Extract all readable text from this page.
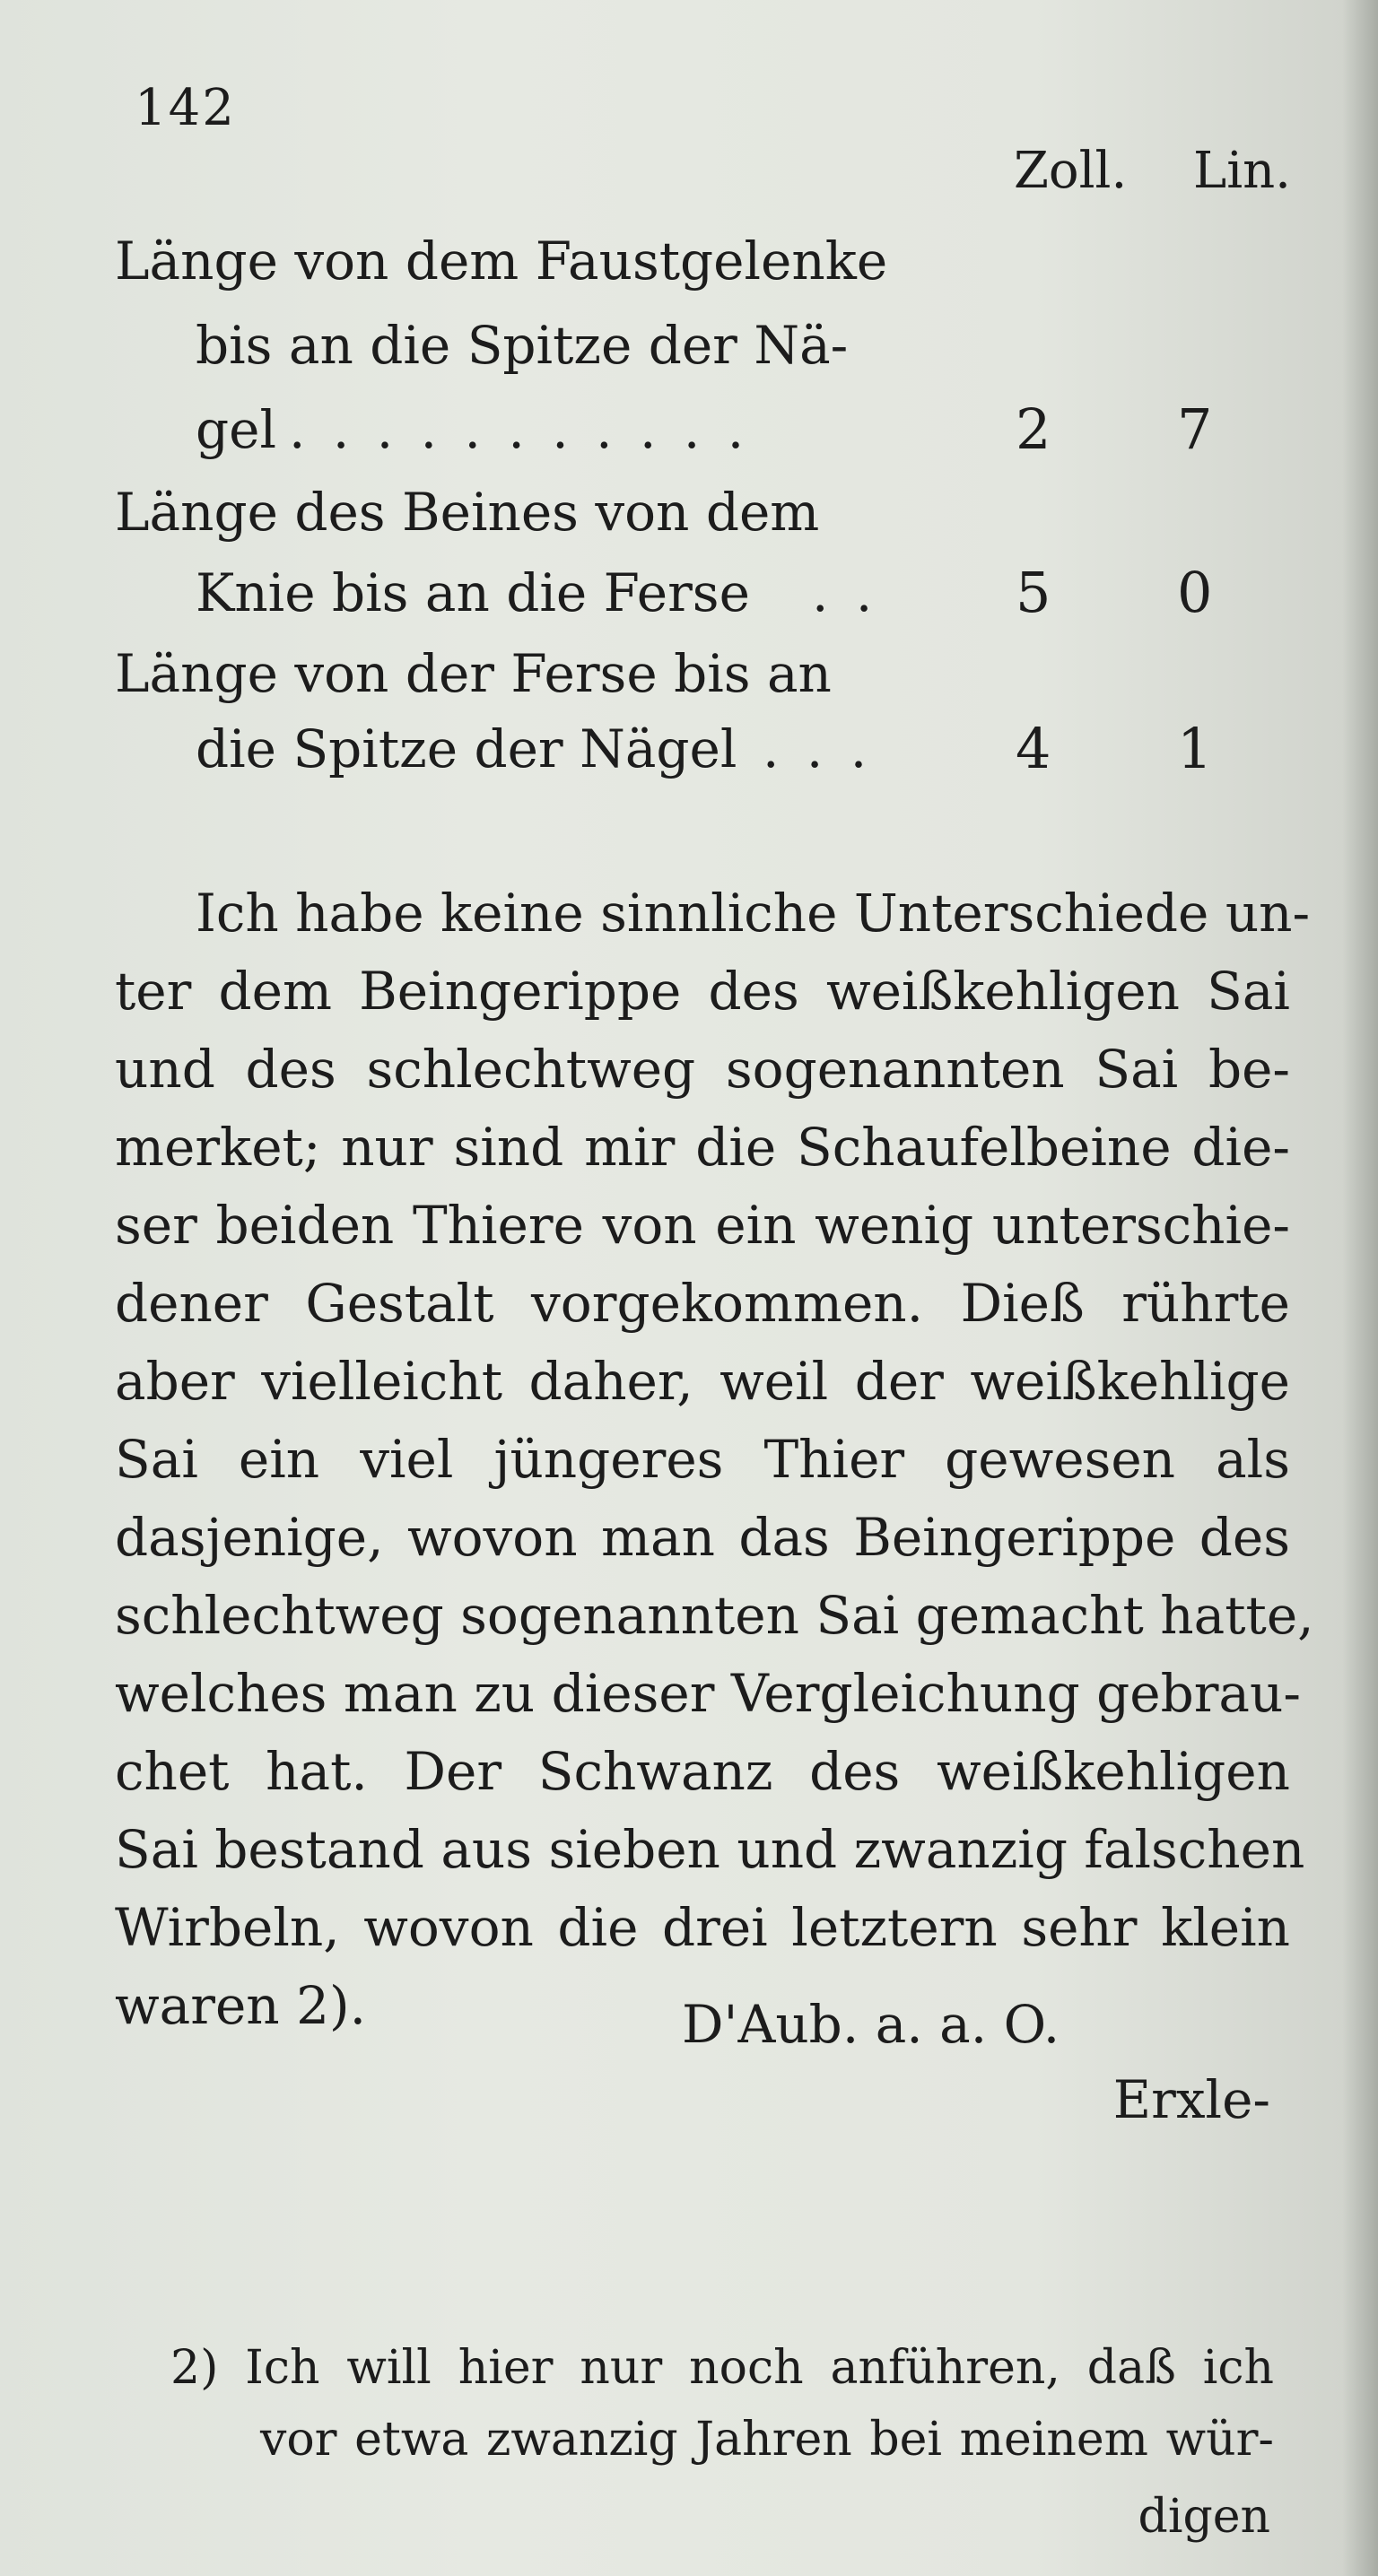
142
Zoll. Lin.
Länge von dem Faustgelenke
bis an die Spitze der Nä-
gel . . . . . . . . . . .	2 7
Länge des Beines von dem
Knie bis an die Ferse . . 5 0
Länge von der Ferse bis an
die Spitze der Nägel . . .	4 1
Ich habe keine sinnliche Unterschiede un-
ter dem Beingerippe des weißkehligen Sai
und des schlechtweg sogenannten Sai be-
merket; nur sind mir die Schaufelbeine die-
ser beiden Thiere von ein wenig unterschie-
dener Gestalt vorgekommen. Dieß rührte
aber vielleicht daher, weil der weißkehlige
Sai ein viel jüngeres Thier gewesen als
dasjenige, wovon man das Beingerippe des
schlechtweg sogenannten Sai gemacht hatte,
welches man zu dieser Vergleichung gebrau-
chet hat. Der Schwanz des weißkehligen
Sai bestand aus sieben und zwanzig falschen
Wirbeln, wovon die drei letztern sehr klein
waren 2).	D'Aub. a. a. O.
Erxle-
2) Ich will hier nur noch anführen, daß ich
vor etwa zwanzig Jahren bei meinem wür-
digen
